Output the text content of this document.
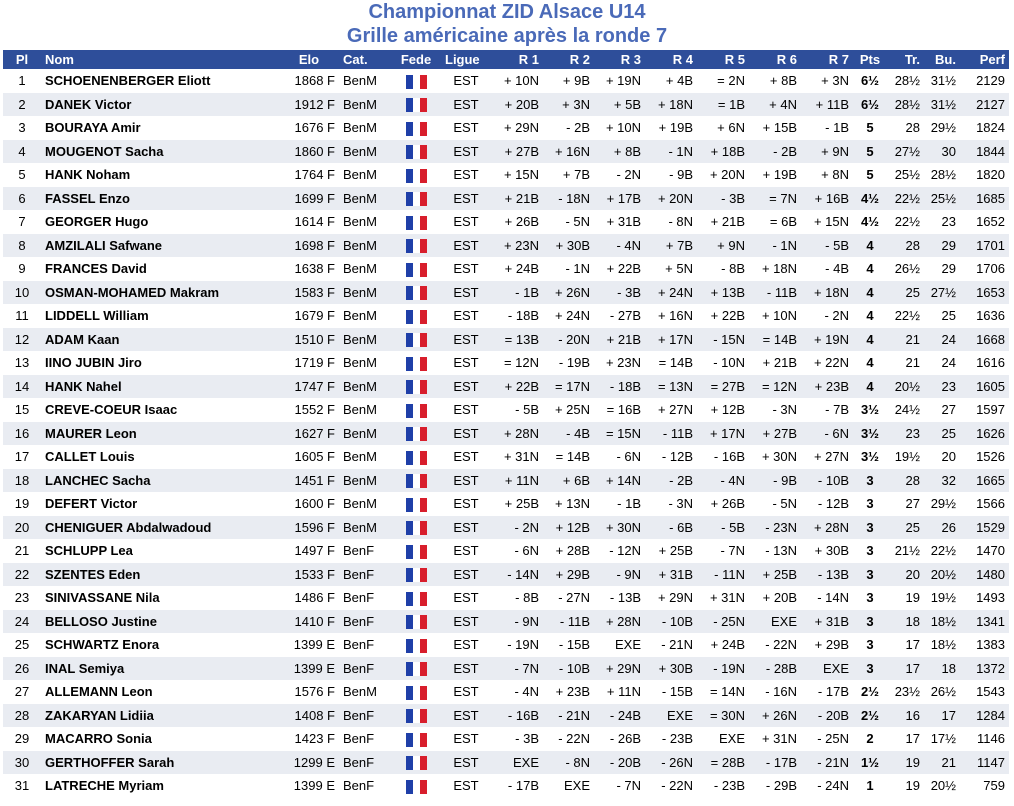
Championnat ZID Alsace U14
Grille américaine après la ronde 7
Pl	Nom	Elo	Cat.	Fede	Ligue	R 1	R 2	R 3	R 4	R 5	R 6	R 7	Pts	Tr.	Bu.	Perf
1	SCHOENENBERGER Eliott	1868 F	BenM		EST	+ 10N	+ 9B	+ 19N	+ 4B	= 2N	+ 8B	+ 3N	6½	28½	31½	2129
2	DANEK Victor	1912 F	BenM		EST	+ 20B	+ 3N	+ 5B	+ 18N	= 1B	+ 4N	+ 11B	6½	28½	31½	2127
3	BOURAYA Amir	1676 F	BenM		EST	+ 29N	- 2B	+ 10N	+ 19B	+ 6N	+ 15B	- 1B	5	28	29½	1824
4	MOUGENOT Sacha	1860 F	BenM		EST	+ 27B	+ 16N	+ 8B	- 1N	+ 18B	- 2B	+ 9N	5	27½	30	1844
5	HANK Noham	1764 F	BenM		EST	+ 15N	+ 7B	- 2N	- 9B	+ 20N	+ 19B	+ 8N	5	25½	28½	1820
6	FASSEL Enzo	1699 F	BenM		EST	+ 21B	- 18N	+ 17B	+ 20N	- 3B	= 7N	+ 16B	4½	22½	25½	1685
7	GEORGER Hugo	1614 F	BenM		EST	+ 26B	- 5N	+ 31B	- 8N	+ 21B	= 6B	+ 15N	4½	22½	23	1652
8	AMZILALI Safwane	1698 F	BenM		EST	+ 23N	+ 30B	- 4N	+ 7B	+ 9N	- 1N	- 5B	4	28	29	1701
9	FRANCES David	1638 F	BenM		EST	+ 24B	- 1N	+ 22B	+ 5N	- 8B	+ 18N	- 4B	4	26½	29	1706
10	OSMAN-MOHAMED Makram	1583 F	BenM		EST	- 1B	+ 26N	- 3B	+ 24N	+ 13B	- 11B	+ 18N	4	25	27½	1653
11	LIDDELL William	1679 F	BenM		EST	- 18B	+ 24N	- 27B	+ 16N	+ 22B	+ 10N	- 2N	4	22½	25	1636
12	ADAM Kaan	1510 F	BenM		EST	= 13B	- 20N	+ 21B	+ 17N	- 15N	= 14B	+ 19N	4	21	24	1668
13	IINO JUBIN Jiro	1719 F	BenM		EST	= 12N	- 19B	+ 23N	= 14B	- 10N	+ 21B	+ 22N	4	21	24	1616
14	HANK Nahel	1747 F	BenM		EST	+ 22B	= 17N	- 18B	= 13N	= 27B	= 12N	+ 23B	4	20½	23	1605
15	CREVE-COEUR Isaac	1552 F	BenM		EST	- 5B	+ 25N	= 16B	+ 27N	+ 12B	- 3N	- 7B	3½	24½	27	1597
16	MAURER Leon	1627 F	BenM		EST	+ 28N	- 4B	= 15N	- 11B	+ 17N	+ 27B	- 6N	3½	23	25	1626
17	CALLET Louis	1605 F	BenM		EST	+ 31N	= 14B	- 6N	- 12B	- 16B	+ 30N	+ 27N	3½	19½	20	1526
18	LANCHEC Sacha	1451 F	BenM		EST	+ 11N	+ 6B	+ 14N	- 2B	- 4N	- 9B	- 10B	3	28	32	1665
19	DEFERT Victor	1600 F	BenM		EST	+ 25B	+ 13N	- 1B	- 3N	+ 26B	- 5N	- 12B	3	27	29½	1566
20	CHENIGUER Abdalwadoud	1596 F	BenM		EST	- 2N	+ 12B	+ 30N	- 6B	- 5B	- 23N	+ 28N	3	25	26	1529
21	SCHLUPP Lea	1497 F	BenF		EST	- 6N	+ 28B	- 12N	+ 25B	- 7N	- 13N	+ 30B	3	21½	22½	1470
22	SZENTES Eden	1533 F	BenF		EST	- 14N	+ 29B	- 9N	+ 31B	- 11N	+ 25B	- 13B	3	20	20½	1480
23	SINIVASSANE Nila	1486 F	BenF		EST	- 8B	- 27N	- 13B	+ 29N	+ 31N	+ 20B	- 14N	3	19	19½	1493
24	BELLOSO Justine	1410 F	BenF		EST	- 9N	- 11B	+ 28N	- 10B	- 25N	EXE	+ 31B	3	18	18½	1341
25	SCHWARTZ Enora	1399 E	BenF		EST	- 19N	- 15B	EXE	- 21N	+ 24B	- 22N	+ 29B	3	17	18½	1383
26	INAL Semiya	1399 E	BenF		EST	- 7N	- 10B	+ 29N	+ 30B	- 19N	- 28B	EXE	3	17	18	1372
27	ALLEMANN Leon	1576 F	BenM		EST	- 4N	+ 23B	+ 11N	- 15B	= 14N	- 16N	- 17B	2½	23½	26½	1543
28	ZAKARYAN Lidiia	1408 F	BenF		EST	- 16B	- 21N	- 24B	EXE	= 30N	+ 26N	- 20B	2½	16	17	1284
29	MACARRO Sonia	1423 F	BenF		EST	- 3B	- 22N	- 26B	- 23B	EXE	+ 31N	- 25N	2	17	17½	1146
30	GERTHOFFER Sarah	1299 E	BenF		EST	EXE	- 8N	- 20B	- 26N	= 28B	- 17B	- 21N	1½	19	21	1147
31	LATRECHE Myriam	1399 E	BenF		EST	- 17B	EXE	- 7N	- 22N	- 23B	- 29B	- 24N	1	19	20½	759
